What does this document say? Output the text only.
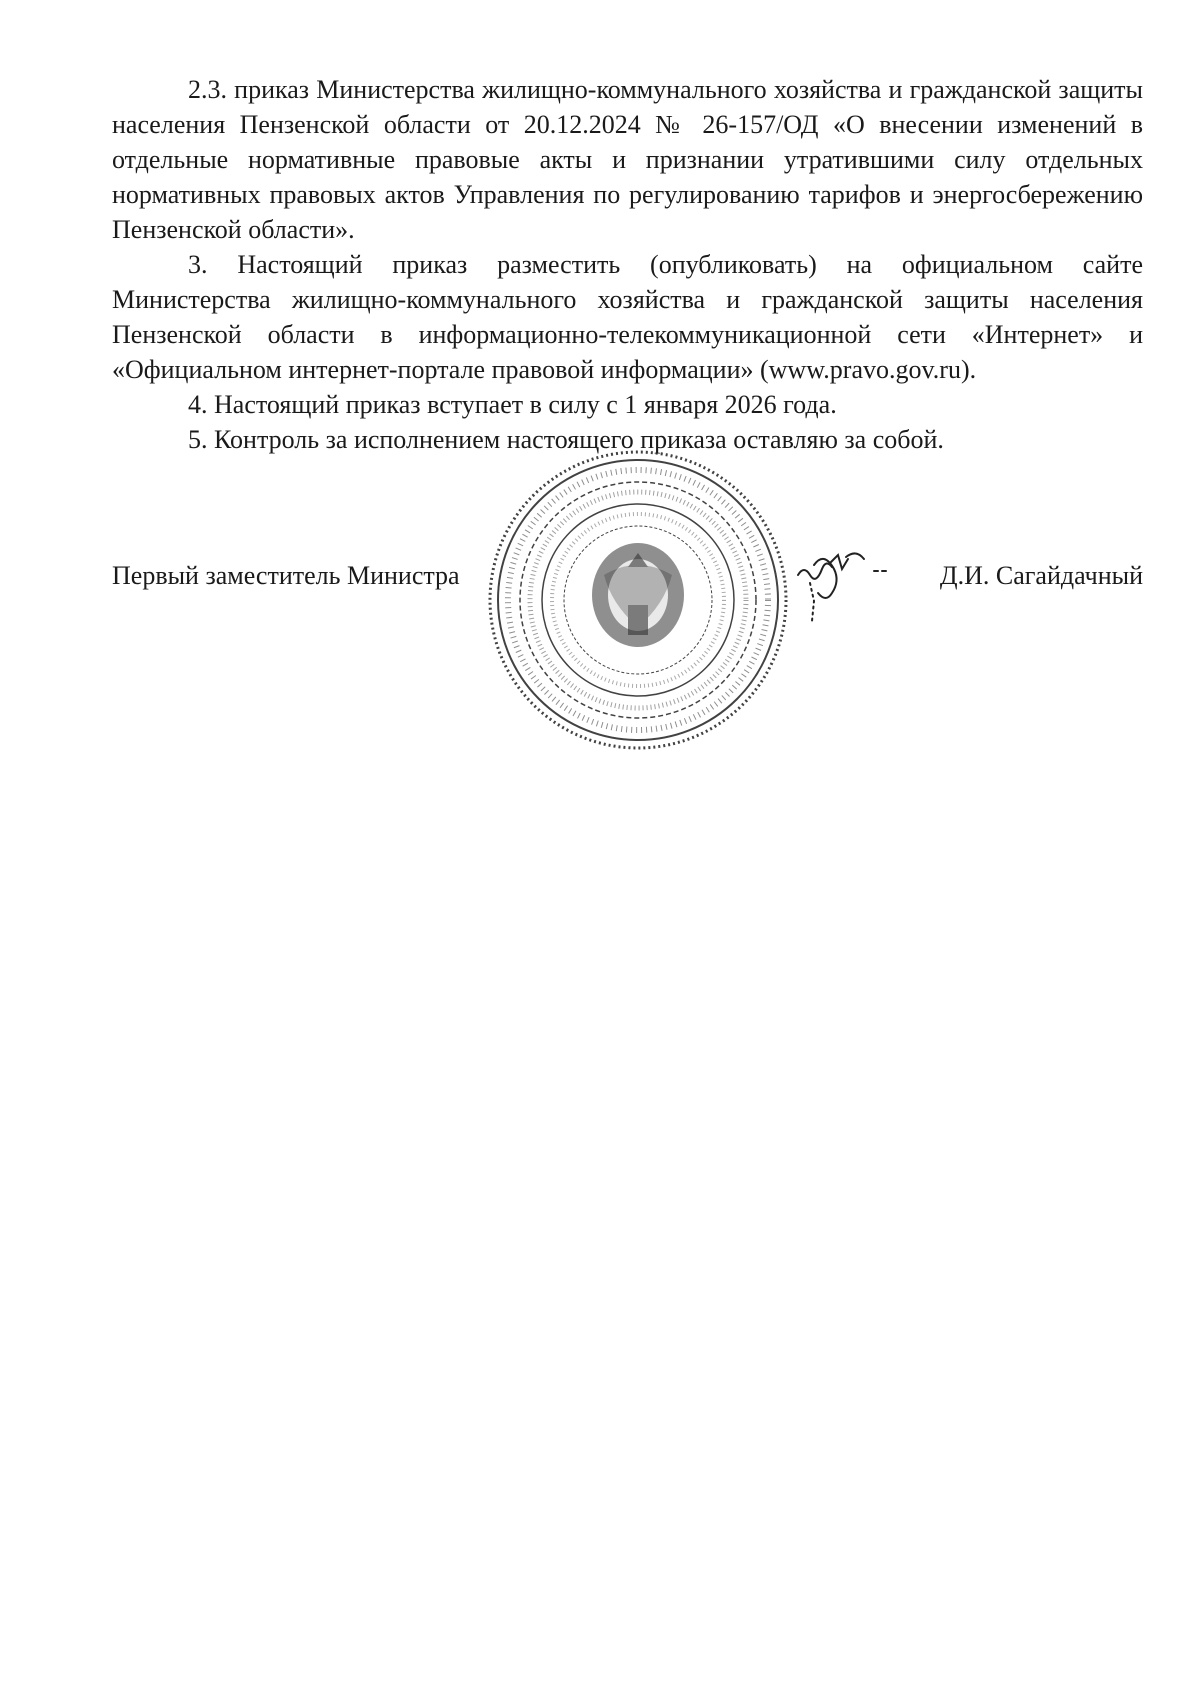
2.3. приказ Министерства жилищно-коммунального хозяйства и гражданской защиты населения Пензенской области от 20.12.2024 № 26-157/ОД «О внесении изменений в отдельные нормативные правовые акты и признании утратившими силу отдельных нормативных правовых актов Управления по регулированию тарифов и энергосбережению Пензенской области».

3. Настоящий приказ разместить (опубликовать) на официальном сайте Министерства жилищно-коммунального хозяйства и гражданской защиты населения Пензенской области в информационно-телекоммуникационной сети «Интернет» и «Официальном интернет-портале правовой информации» (www.pravo.gov.ru).

4. Настоящий приказ вступает в силу с 1 января 2026 года.

5. Контроль за исполнением настоящего приказа оставляю за собой.

Первый заместитель Министра	Д.И. Сагайдачный
